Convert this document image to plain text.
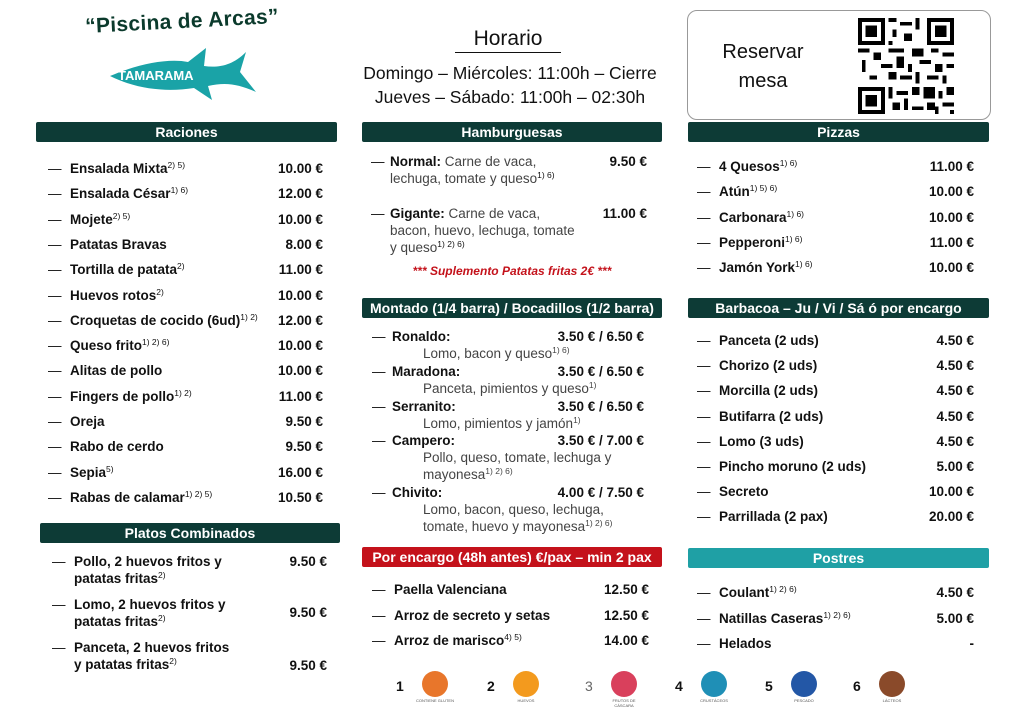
“Piscina de Arcas”
TAMARAMA
Horario
Domingo – Miércoles: 11:00h – Cierre
Jueves – Sábado: 11:00h – 02:30h
Reservar mesa
Raciones
— Ensalada Mixta$^{2) 5)}$	10.00 €
— Ensalada César$^{1) 6)}$	12.00 €
— Mojete$^{2) 5)}$	10.00 €
— Patatas Bravas	8.00 €
— Tortilla de patata$^{2)}$	11.00 €
— Huevos rotos$^{2)}$	10.00 €
— Croquetas de cocido $(6ud)^{1) 2)}$ 12.00 €
— Queso frito$^{1) 2) 6)}$	10.00 €
— Alitas de pollo	10.00 €
— Fingers de pollo$^{1) 2)}$	11.00 €
— Oreja	9.50 €
— Rabo de cerdo	9.50 €
— Sepia$^{5)}$	16.00 €
— Rabas de calamar$^{1) 2) 5)}$	10.50 €
Platos Combinados
— Pollo, 2 huevos fritos y
patatas fritas$^{2)}$
9.50 €
— Lomo, 2 huevos fritos y
patatas fritas$^{2)}$	9.50 €
— Panceta, 2 huevos fritos
y patatas fritas$^{2)}$	9.50 €
Hamburguesas
— Normal: Carne de vaca,
lechuga, tomate y queso$^{1) 6)}$
9.50 €
— Gigante: Carne de vaca,
bacon, huevo, lechuga, tomate
y queso$^{1) 2) 6)}$
11.00 €
*** Suplemento Patatas fritas 2€ ***
Montado (1/4 barra) / Bocadillos (1/2 barra)
— Ronaldo:	3.50 € / 6.50 €
Lomo, bacon y queso$^{1) 6)}$
— Maradona:	3.50 € / 6.50 €
Panceta, pimientos y queso$^{1)}$
— Serranito:	3.50 € / 6.50 €
Lomo, pimientos y jamón$^{1)}$
— Campero:	3.50 € / 7.00 €
Pollo, queso, tomate, lechuga y
mayonesa$^{1) 2) 6)}$
— Chivito:	4.00 € / 7.50 €
Lomo, bacon, queso, lechuga,
tomate, huevo y mayonesa$^{1) 2) 6)}$
Por encargo (48h antes) €/pax – min 2 pax
— Paella Valenciana	12.50 €
— Arroz de secreto y setas	12.50 €
— Arroz de marisco$^{4) 5)}$	14.00 €
Pizzas
— 4 Quesos$^{1) 6)}$	11.00 €
— Atún$^{1) 5) 6)}$	10.00 €
— Carbonara$^{1) 6)}$	10.00 €
— Pepperoni$^{1) 6)}$	11.00 €
— Jamón York$^{1) 6)}$	10.00 €
Barbacoa – Ju / Vi / Sá ó por encargo
— Panceta (2 uds)	4.50 €
— Chorizo (2 uds)	4.50 €
— Morcilla (2 uds)	4.50 €
— Butifarra (2 uds)	4.50 €
— Lomo (3 uds)	4.50 €
— Pincho moruno (2 uds)	5.00 €
— Secreto	10.00 €
— Parrillada (2 pax)	20.00 €
Postres
— Coulant$^{1) 2) 6)}$	4.50 €
— Natillas Caseras$^{1) 2) 6)}$	5.00 €
— Helados	-
1
CONTIENE GLUTEN
2
HUEVOS
3
FRUTOS DE CÁSCARA
4
CRUSTÁCEOS
5
PESCADO
6
LÁCTEOS
